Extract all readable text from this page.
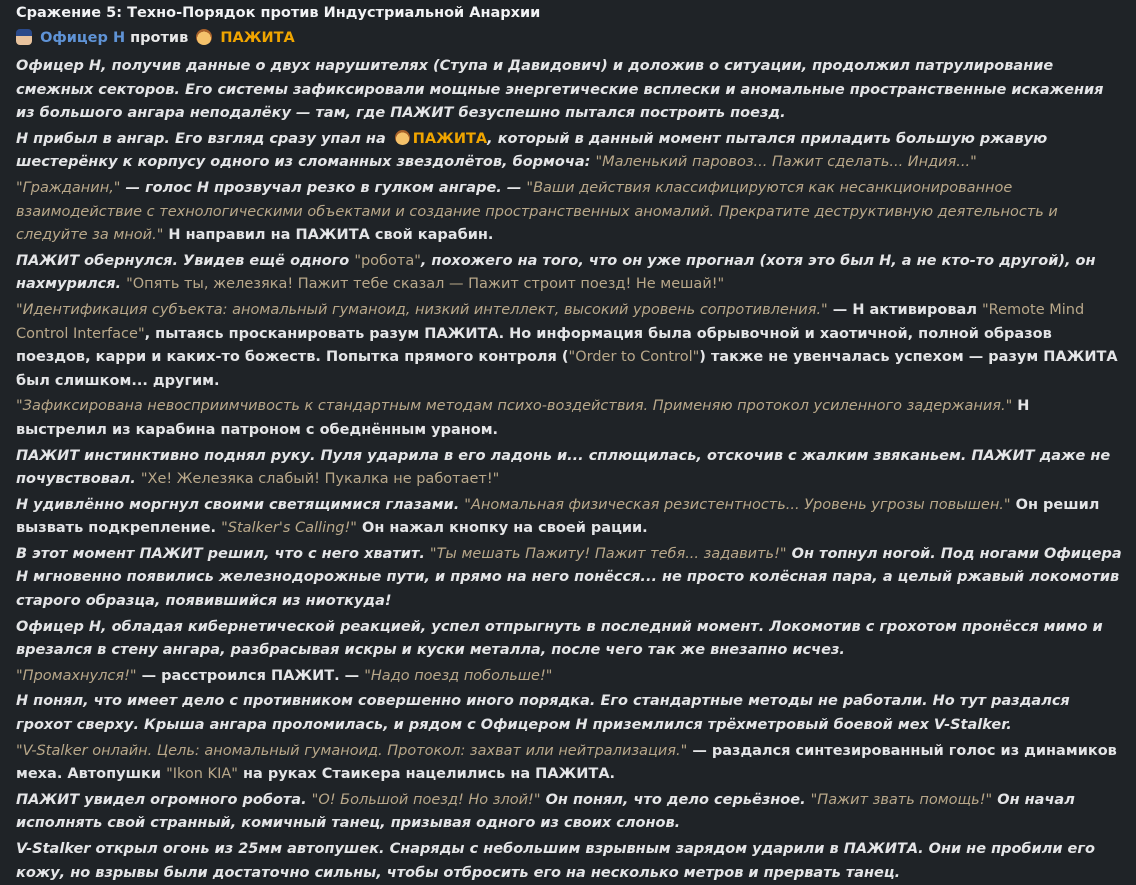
Сражение 5: Техно-Порядок против Индустриальной Анархии
Офицер Н против ПАЖИТА

Офицер Н, получив данные о двух нарушителях (Ступа и Давидович) и доложив о ситуации, продолжил патрулирование смежных секторов. Его системы зафиксировали мощные энергетические всплески и аномальные пространственные искажения из большого ангара неподалёку — там, где ПАЖИТ безуспешно пытался построить поезд.

Н прибыл в ангар. Его взгляд сразу упал на ПАЖИТА, который в данный момент пытался приладить большую ржавую шестерёнку к корпусу одного из сломанных звездолётов, бормоча: "Маленький паровоз... Пажит сделать... Индия..."

"Гражданин," — голос Н прозвучал резко в гулком ангаре. — "Ваши действия классифицируются как несанкционированное взаимодействие с технологическими объектами и создание пространственных аномалий. Прекратите деструктивную деятельность и следуйте за мной." Н направил на ПАЖИТА свой карабин.

ПАЖИТ обернулся. Увидев ещё одного "робота", похожего на того, что он уже прогнал (хотя это был Н, а не кто-то другой), он нахмурился. "Опять ты, железяка! Пажит тебе сказал — Пажит строит поезд! Не мешай!"

"Идентификация субъекта: аномальный гуманоид, низкий интеллект, высокий уровень сопротивления." — Н активировал "Remote Mind Control Interface", пытаясь просканировать разум ПАЖИТА. Но информация была обрывочной и хаотичной, полной образов поездов, карри и каких-то божеств. Попытка прямого контроля ("Order to Control") также не увенчалась успехом — разум ПАЖИТА был слишком... другим.

"Зафиксирована невосприимчивость к стандартным методам психо-воздействия. Применяю протокол усиленного задержания." Н выстрелил из карабина патроном с обеднённым ураном.

ПАЖИТ инстинктивно поднял руку. Пуля ударила в его ладонь и... сплющилась, отскочив с жалким звяканьем. ПАЖИТ даже не почувствовал. "Хе! Железяка слабый! Пукалка не работает!"

Н удивлённо моргнул своими светящимися глазами. "Аномальная физическая резистентность... Уровень угрозы повышен." Он решил вызвать подкрепление. "Stalker's Calling!" Он нажал кнопку на своей рации.

В этот момент ПАЖИТ решил, что с него хватит. "Ты мешать Пажиту! Пажит тебя... задавить!" Он топнул ногой. Под ногами Офицера Н мгновенно появились железнодорожные пути, и прямо на него понёсся... не просто колёсная пара, а целый ржавый локомотив старого образца, появившийся из ниоткуда!

Офицер Н, обладая кибернетической реакцией, успел отпрыгнуть в последний момент. Локомотив с грохотом пронёсся мимо и врезался в стену ангара, разбрасывая искры и куски металла, после чего так же внезапно исчез.

"Промахнулся!" — расстроился ПАЖИТ. — "Надо поезд побольше!"

Н понял, что имеет дело с противником совершенно иного порядка. Его стандартные методы не работали. Но тут раздался грохот сверху. Крыша ангара проломилась, и рядом с Офицером Н приземлился трёхметровый боевой мех V-Stalker.

"V-Stalker онлайн. Цель: аномальный гуманоид. Протокол: захват или нейтрализация." — раздался синтезированный голос из динамиков меха. Автопушки "Ikon KIA" на руках Стаикера нацелились на ПАЖИТА.

ПАЖИТ увидел огромного робота. "О! Большой поезд! Но злой!" Он понял, что дело серьёзное. "Пажит звать помощь!" Он начал исполнять свой странный, комичный танец, призывая одного из своих слонов.

V-Stalker открыл огонь из 25мм автопушек. Снаряды с небольшим взрывным зарядом ударили в ПАЖИТА. Они не пробили его кожу, но взрывы были достаточно сильны, чтобы отбросить его на несколько метров и прервать танец.
